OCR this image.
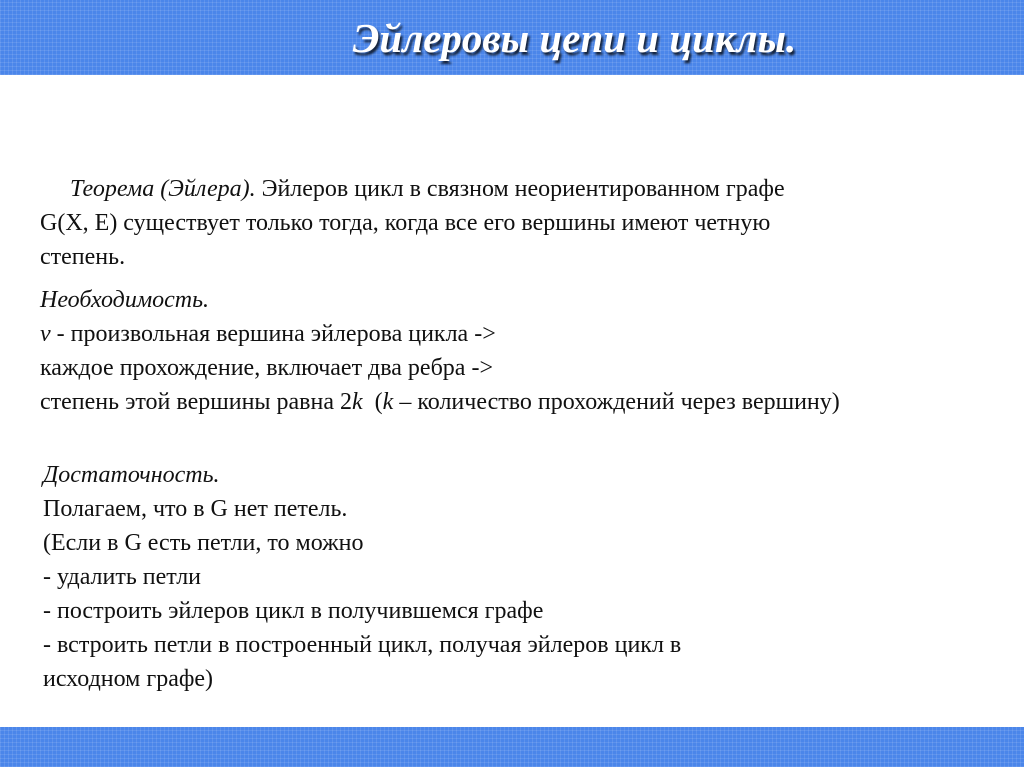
Эйлеровы цепи и циклы.
Теорема (Эйлера). Эйлеров цикл в связном неориентированном графе
G(X, E) существует только тогда, когда все его вершины имеют четную
степень.
Необходимость.
v - произвольная вершина эйлерова цикла ->
каждое прохождение, включает два ребра ->
степень этой вершины равна 2k  (k – количество прохождений через вершину)
Достаточность.
Полагаем, что в G нет петель.
(Если в G есть петли, то можно
- удалить петли
- построить эйлеров цикл в получившемся графе
- встроить петли в построенный цикл, получая эйлеров цикл в
исходном графе)
